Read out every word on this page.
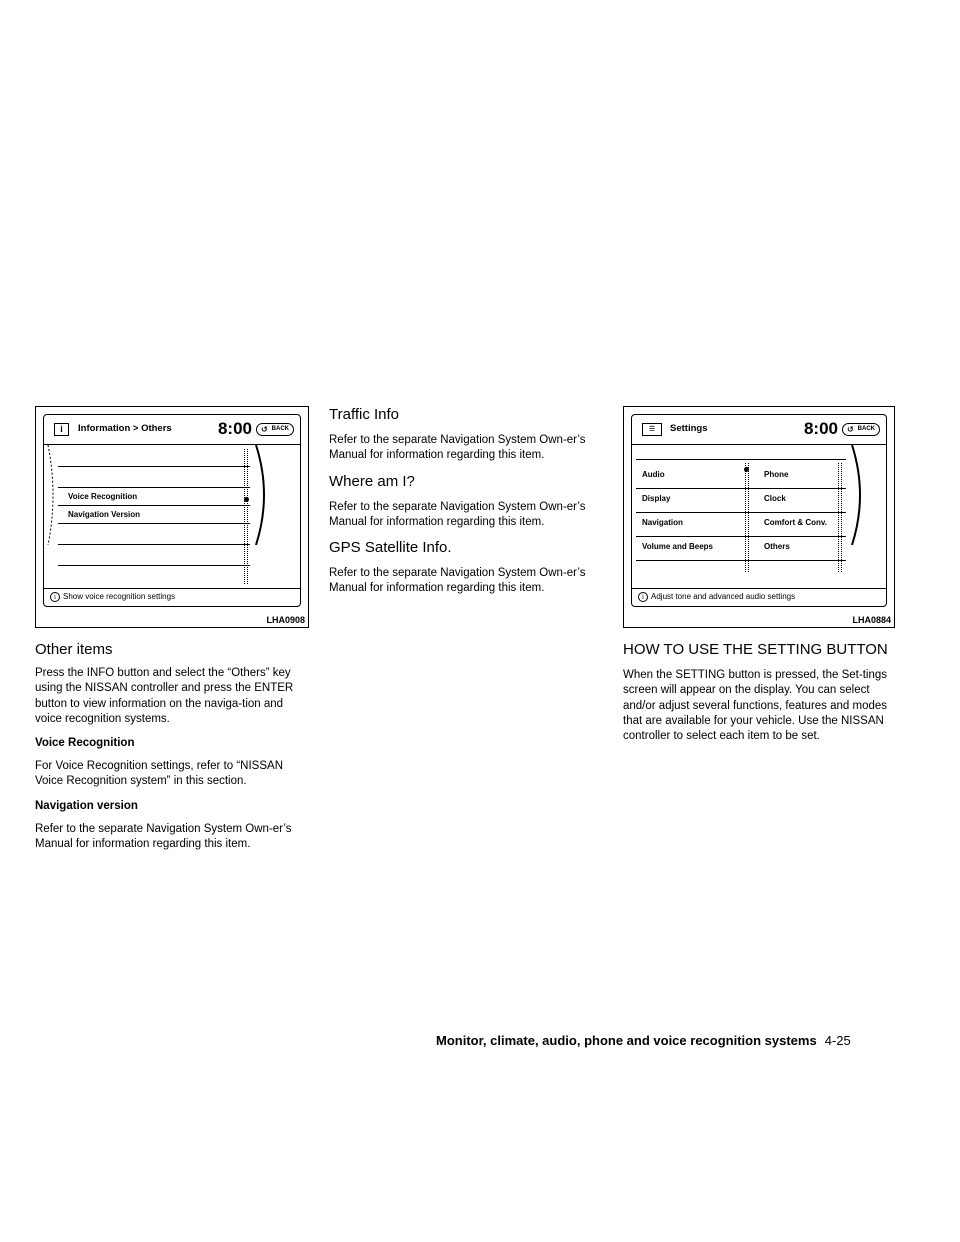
i	Information > Others	8:00 ↺ BACK
Voice Recognition
Navigation Version
i Show voice recognition settings
LHA0908
Other items

Press the INFO button and select the “Others” key using the NISSAN controller and press the ENTER button to view information on the naviga-tion and voice recognition systems.

Voice Recognition

For Voice Recognition settings, refer to “NISSAN Voice Recognition system” in this section.

Navigation version

Refer to the separate Navigation System Own-er’s Manual for information regarding this item.

Traffic Info

Refer to the separate Navigation System Own-er’s Manual for information regarding this item.

Where am I?

Refer to the separate Navigation System Own-er’s Manual for information regarding this item.

GPS Satellite Info.

Refer to the separate Navigation System Own-er’s Manual for information regarding this item.

☰	Settings	8:00 ↺ BACK
Audio	Phone
Display	Clock
Navigation	Comfort & Conv.
Volume and Beeps	Others
i Adjust tone and advanced audio settings
LHA0884
HOW TO USE THE SETTING BUTTON

When the SETTING button is pressed, the Set-tings screen will appear on the display. You can select and/or adjust several functions, features and modes that are available for your vehicle. Use the NISSAN controller to select each item to be set.

Monitor, climate, audio, phone and voice recognition systems 4-25
